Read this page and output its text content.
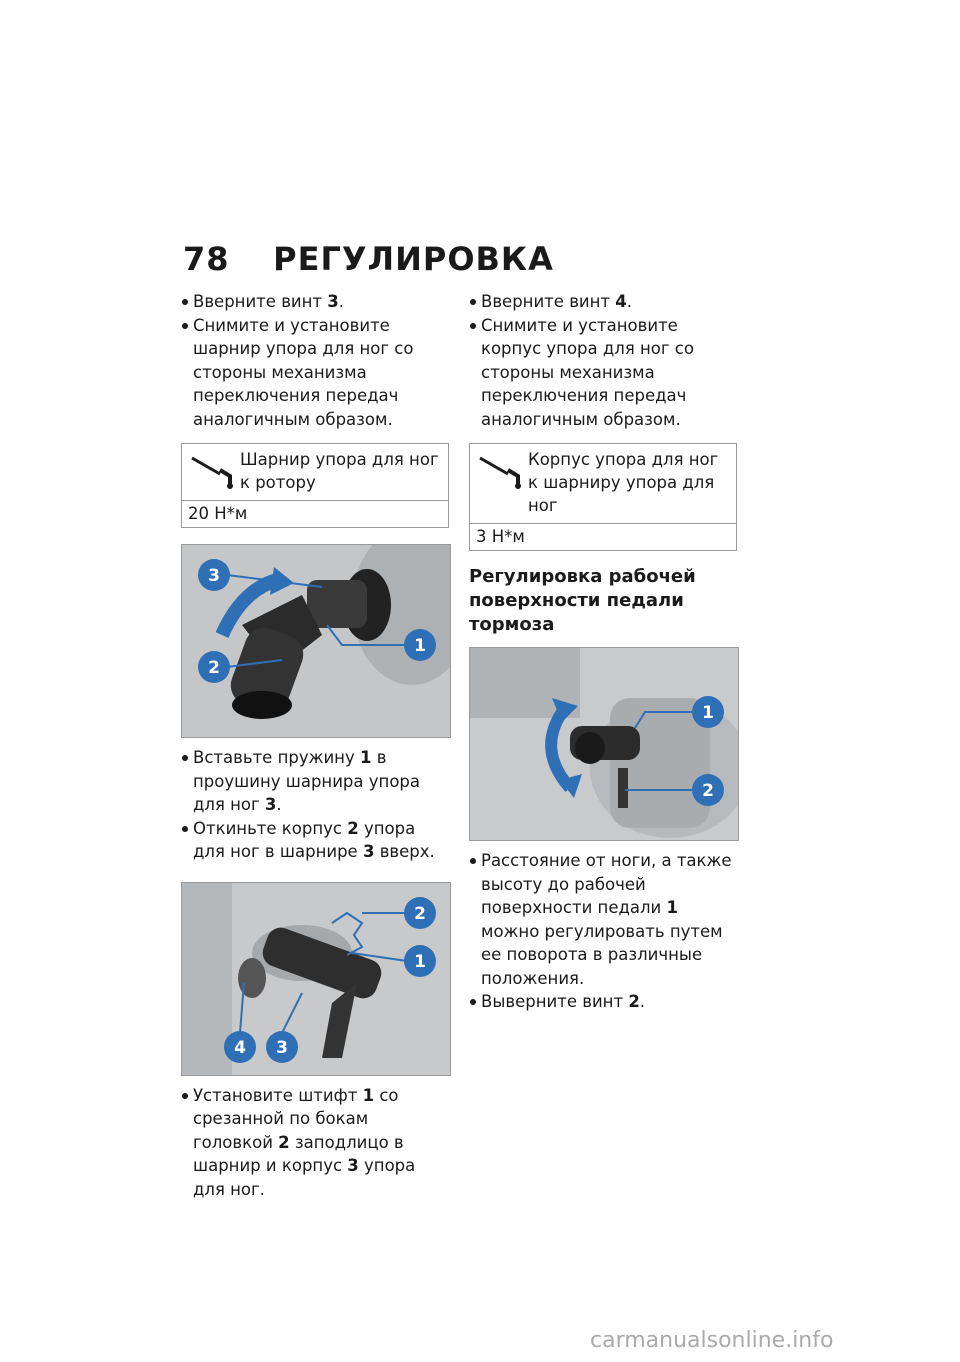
78 РЕГУЛИРОВКА
Вверните винт 3.
Снимите и установите шарнир упора для ног со стороны механизма переключения передач аналогичным образом.
Шарнир упора для ног к ротору
20 Н*м
3
2
1
Вставьте пружину 1 в проушину шарнира упора для ног 3.
Откиньте корпус 2 упора для ног в шарнире 3 вверх.
2
1
4 3
Установите штифт 1 со срезанной по бокам головкой 2 заподлицо в шарнир и корпус 3 упора для ног.
Вверните винт 4.
Снимите и установите корпус упора для ног со стороны механизма переключения передач аналогичным образом.
Корпус упора для ног к шарниру упора для ног
3 Н*м
Регулировка рабочей поверхности педали тормоза
1
2
Расстояние от ноги, а также высоту до рабочей поверхности педали 1 можно регулировать путем ее поворота в различные положения.
Выверните винт 2.
carmanualsonline.info
